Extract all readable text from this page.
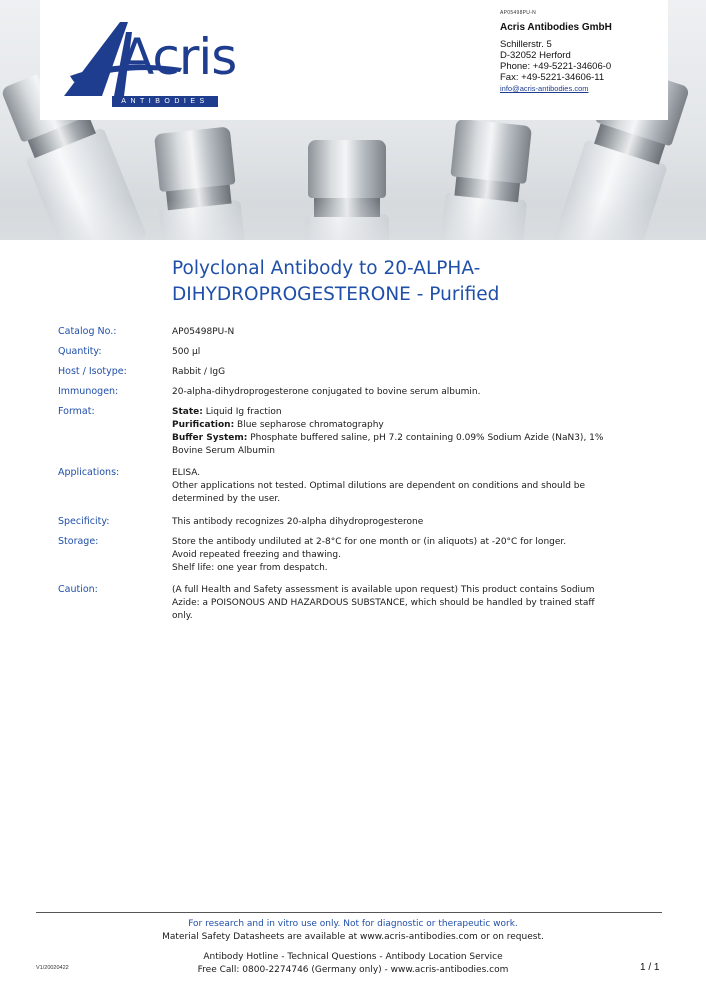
Acris
ANTIBODIES
AP05498PU-N
Acris Antibodies GmbH
Schillerstr. 5
D-32052 Herford
Phone: +49-5221-34606-0
Fax: +49-5221-34606-11
info@acris-antibodies.com
Polyclonal Antibody to 20-ALPHA-
DIHYDROPROGESTERONE - Purified
Catalog No.:	AP05498PU-N
Quantity:	500 µl
Host / Isotype:	Rabbit / IgG
Immunogen:	20-alpha-dihydroprogesterone conjugated to bovine serum albumin.
Format:	State: Liquid Ig fraction
Purification: Blue sepharose chromatography
Buffer System: Phosphate buffered saline, pH 7.2 containing 0.09% Sodium Azide (NaN3), 1%
Bovine Serum Albumin
Applications:	ELISA.
Other applications not tested. Optimal dilutions are dependent on conditions and should be
determined by the user.
Specificity:	This antibody recognizes 20-alpha dihydroprogesterone
Storage:	Store the antibody undiluted at 2-8°C for one month or (in aliquots) at -20°C for longer.
Avoid repeated freezing and thawing.
Shelf life: one year from despatch.
Caution:	(A full Health and Safety assessment is available upon request) This product contains Sodium
Azide: a POISONOUS AND HAZARDOUS SUBSTANCE, which should be handled by trained staff
only.
For research and in vitro use only. Not for diagnostic or therapeutic work.
Material Safety Datasheets are available at www.acris-antibodies.com or on request.
Antibody Hotline - Technical Questions - Antibody Location Service
Free Call: 0800-2274746 (Germany only) - www.acris-antibodies.com
V1/20020422	1 / 1
